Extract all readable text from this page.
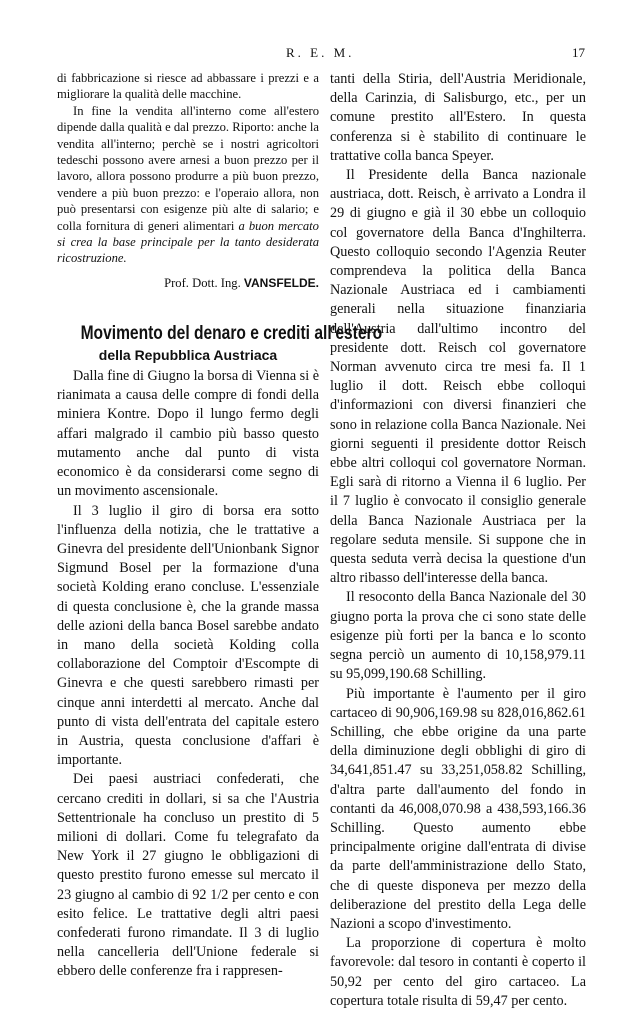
R. E. M.	17

di fabbricazione si riesce ad abbassare i prezzi e a migliorare la qualità delle macchine.

In fine la vendita all'interno come all'estero dipende dalla qualità e dal prezzo. Riporto: anche la vendita all'interno; perchè se i nostri agricoltori tedeschi possono avere arnesi a buon prezzo per il lavoro, allora possono produrre a più buon prezzo, vendere a più buon prezzo: e l'operaio allora, non può presentarsi con esigenze più alte di salario; e colla fornitura di generi alimentari a buon mercato si crea la base principale per la tanto desiderata ricostruzione.

Prof. Dott. Ing. VANSFELDE.

Movimento del denaro e crediti all'estero
della Repubblica Austriaca

Dalla fine di Giugno la borsa di Vienna si è rianimata a causa delle compre di fondi della miniera Kontre. Dopo il lungo fermo degli affari malgrado il cambio più basso questo mutamento anche dal punto di vista economico è da considerarsi come segno di un movimento ascensionale.

Il 3 luglio il giro di borsa era sotto l'influenza della notizia, che le trattative a Ginevra del presidente dell'Unionbank Signor Sigmund Bosel per la formazione d'una società Kolding erano concluse. L'essenziale di questa conclusione è, che la grande massa delle azioni della banca Bosel sarebbe andato in mano della società Kolding colla collaborazione del Comptoir d'Escompte di Ginevra e che questi sarebbero rimasti per cinque anni interdetti al mercato. Anche dal punto di vista dell'entrata del capitale estero in Austria, questa conclusione d'affari è importante.

Dei paesi austriaci confederati, che cercano crediti in dollari, si sa che l'Austria Settentrionale ha concluso un prestito di 5 milioni di dollari. Come fu telegrafato da New York il 27 giugno le obbligazioni di questo prestito furono emesse sul mercato il 23 giugno al cambio di 92 1/2 per cento e con esito felice. Le trattative degli altri paesi confederati furono rimandate. Il 3 di luglio nella cancelleria dell'Unione federale si ebbero delle conferenze fra i rappresen-

tanti della Stiria, dell'Austria Meridionale, della Carinzia, di Salisburgo, etc., per un comune prestito all'Estero. In questa conferenza si è stabilito di continuare le trattative colla banca Speyer.

Il Presidente della Banca nazionale austriaca, dott. Reisch, è arrivato a Londra il 29 di giugno e già il 30 ebbe un colloquio col governatore della Banca d'Inghilterra. Questo colloquio secondo l'Agenzia Reuter comprendeva la politica della Banca Nazionale Austriaca ed i cambiamenti generali nella situazione finanziaria dell'Austria dall'ultimo incontro del presidente dott. Reisch col governatore Norman avvenuto circa tre mesi fa. Il 1 luglio il dott. Reisch ebbe colloqui d'informazioni con diversi finanzieri che sono in relazione colla Banca Nazionale. Nei giorni seguenti il presidente dottor Reisch ebbe altri colloqui col governatore Norman. Egli sarà di ritorno a Vienna il 6 luglio. Per il 7 luglio è convocato il consiglio generale della Banca Nazionale Austriaca per la regolare seduta mensile. Si suppone che in questa seduta verrà decisa la questione d'un altro ribasso dell'interesse della banca.

Il resoconto della Banca Nazionale del 30 giugno porta la prova che ci sono state delle esigenze più forti per la banca e lo sconto segna perciò un aumento di 10,158,979.11 su 95,099,190.68 Schilling.

Più importante è l'aumento per il giro cartaceo di 90,906,169.98 su 828,016,862.61 Schilling, che ebbe origine da una parte della diminuzione degli obblighi di giro di 34,641,851.47 su 33,251,058.82 Schilling, d'altra parte dall'aumento del fondo in contanti da 46,008,070.98 a 438,593,166.36 Schilling. Questo aumento ebbe principalmente origine dall'entrata di divise da parte dell'amministrazione dello Stato, che di queste disponeva per mezzo della deliberazione del prestito della Lega delle Nazioni a scopo d'investimento.

La proporzione di copertura è molto favorevole: dal tesoro in contanti è coperto il 50,92 per cento del giro cartaceo. La copertura totale risulta di 59,47 per cento.
